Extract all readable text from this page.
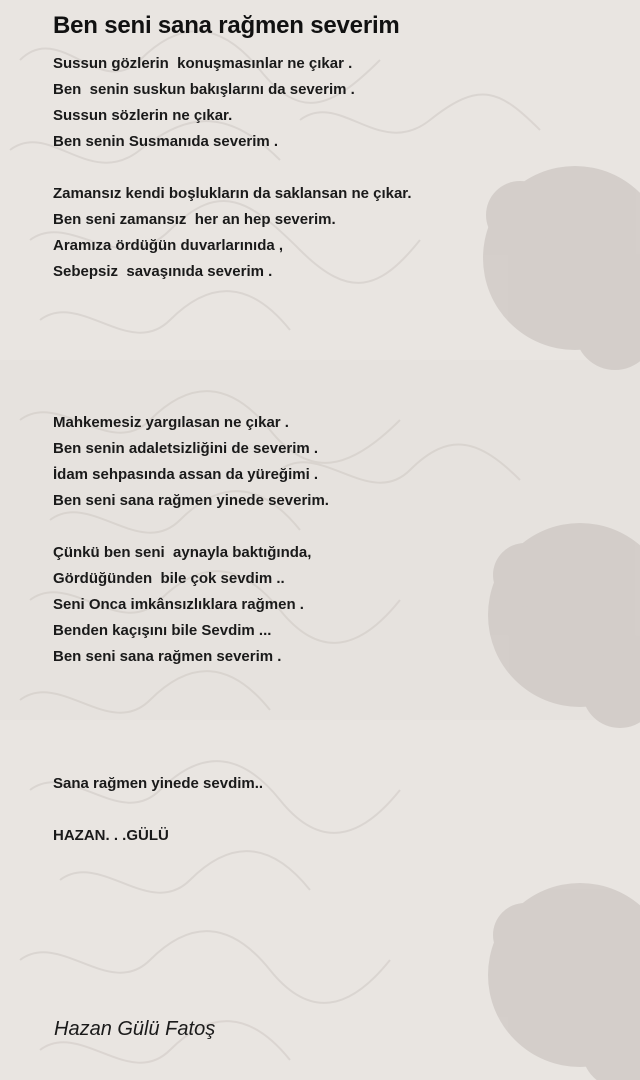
Ben seni sana rağmen severim
Sussun gözlerin  konuşmasınlar ne çıkar .
Ben  senin suskun bakışlarını da severim .
Sussun sözlerin ne çıkar.
Ben senin Susmanıda severim .
Zamansız kendi boşlukların da saklansan ne çıkar.
Ben seni zamansız  her an hep severim.
Aramıza ördüğün duvarlarınıda ,
Sebepsiz  savaşınıda severim .
Mahkemesiz yargılasan ne çıkar .
Ben senin adaletsizliğini de severim .
İdam sehpasında assan da yüreğimi .
Ben seni sana rağmen yinede severim.
Çünkü ben seni  aynayla baktığında,
Gördüğünden  bile çok sevdim ..
Seni Onca imkânsızlıklara rağmen .
Benden kaçışını bile Sevdim ...
Ben seni sana rağmen severim .
Sana rağmen yinede sevdim..
HAZAN. . .GÜLÜ
Hazan Gülü Fatoş
